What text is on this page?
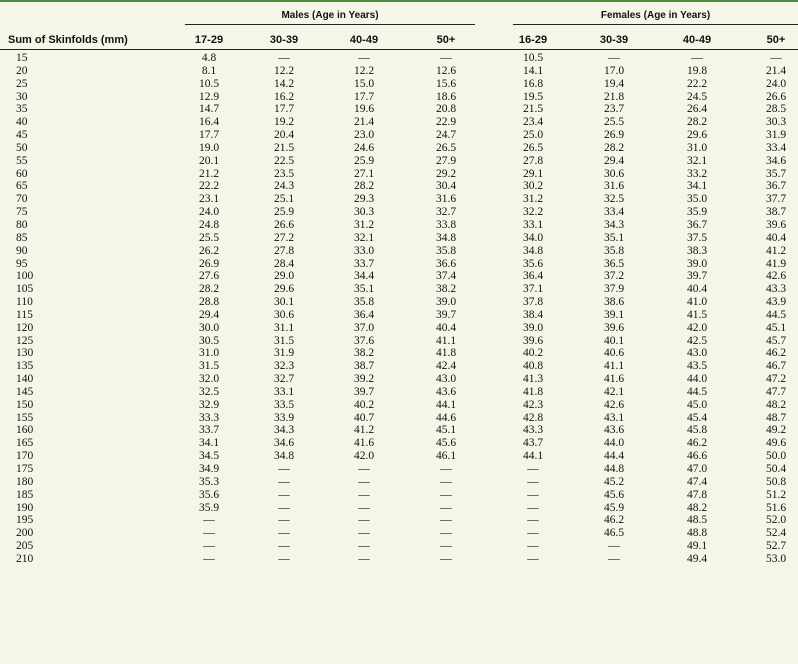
Males (Age in Years)	Females (Age in Years)
Sum of Skinfolds (mm)	17-29	30-39	40-49	50+	16-29	30-39	40-49	50+
15	4.8	—	—	—	10.5	—	—	—
20	8.1	12.2	12.2	12.6	14.1	17.0	19.8	21.4
25	10.5	14.2	15.0	15.6	16.8	19.4	22.2	24.0
30	12.9	16.2	17.7	18.6	19.5	21.8	24.5	26.6
35	14.7	17.7	19.6	20.8	21.5	23.7	26.4	28.5
40	16.4	19.2	21.4	22.9	23.4	25.5	28.2	30.3
45	17.7	20.4	23.0	24.7	25.0	26.9	29.6	31.9
50	19.0	21.5	24.6	26.5	26.5	28.2	31.0	33.4
55	20.1	22.5	25.9	27.9	27.8	29.4	32.1	34.6
60	21.2	23.5	27.1	29.2	29.1	30.6	33.2	35.7
65	22.2	24.3	28.2	30.4	30.2	31.6	34.1	36.7
70	23.1	25.1	29.3	31.6	31.2	32.5	35.0	37.7
75	24.0	25.9	30.3	32.7	32.2	33.4	35.9	38.7
80	24.8	26.6	31.2	33.8	33.1	34.3	36.7	39.6
85	25.5	27.2	32.1	34.8	34.0	35.1	37.5	40.4
90	26.2	27.8	33.0	35.8	34.8	35.8	38.3	41.2
95	26.9	28.4	33.7	36.6	35.6	36.5	39.0	41.9
100	27.6	29.0	34.4	37.4	36.4	37.2	39.7	42.6
105	28.2	29.6	35.1	38.2	37.1	37.9	40.4	43.3
110	28.8	30.1	35.8	39.0	37.8	38.6	41.0	43.9
115	29.4	30.6	36.4	39.7	38.4	39.1	41.5	44.5
120	30.0	31.1	37.0	40.4	39.0	39.6	42.0	45.1
125	30.5	31.5	37.6	41.1	39.6	40.1	42.5	45.7
130	31.0	31.9	38.2	41.8	40.2	40.6	43.0	46.2
135	31.5	32.3	38.7	42.4	40.8	41.1	43.5	46.7
140	32.0	32.7	39.2	43.0	41.3	41.6	44.0	47.2
145	32.5	33.1	39.7	43.6	41.8	42.1	44.5	47.7
150	32.9	33.5	40.2	44.1	42.3	42.6	45.0	48.2
155	33.3	33.9	40.7	44.6	42.8	43.1	45.4	48.7
160	33.7	34.3	41.2	45.1	43.3	43.6	45.8	49.2
165	34.1	34.6	41.6	45.6	43.7	44.0	46.2	49.6
170	34.5	34.8	42.0	46.1	44.1	44.4	46.6	50.0
175	34.9	—	—	—	—	44.8	47.0	50.4
180	35.3	—	—	—	—	45.2	47.4	50.8
185	35.6	—	—	—	—	45.6	47.8	51.2
190	35.9	—	—	—	—	45.9	48.2	51.6
195	—	—	—	—	—	46.2	48.5	52.0
200	—	—	—	—	—	46.5	48.8	52.4
205	—	—	—	—	—	—	49.1	52.7
210	—	—	—	—	—	—	49.4	53.0
